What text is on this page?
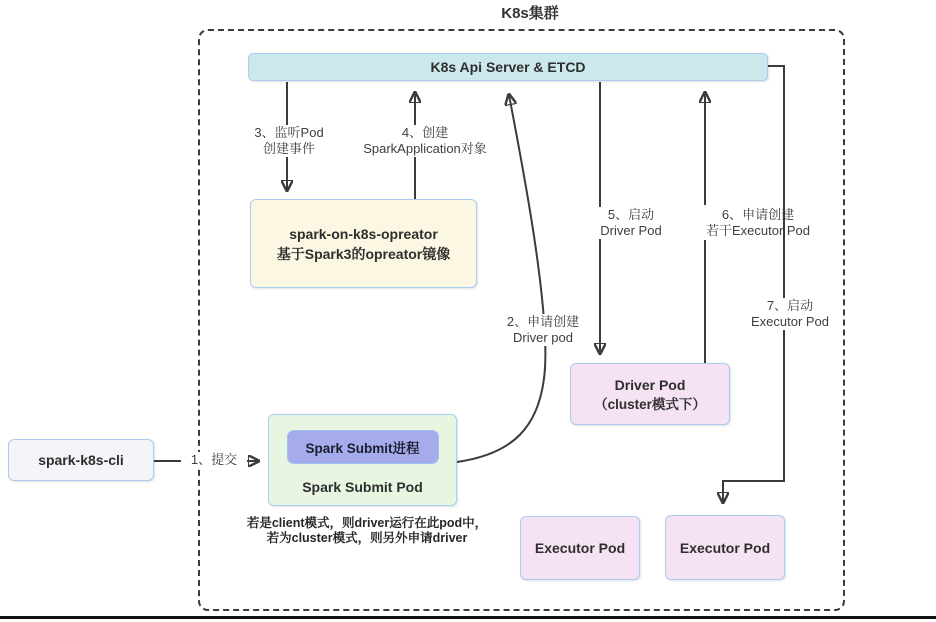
K8s集群
K8s Api Server & ETCD
spark-on-k8s-opreator
基于Spark3的opreator镜像
spark-k8s-cli
Spark Submit进程
Spark Submit Pod
Driver Pod
（cluster模式下）
Executor Pod	Executor Pod
1、提交
2、申请创建
Driver pod
3、监听Pod
创建事件
4、创建
SparkApplication对象
5、启动
Driver Pod
6、申请创建
若干Executor Pod
7、启动
Executor Pod
若是client模式，则driver运行在此pod中，
若为cluster模式，则另外申请driver
